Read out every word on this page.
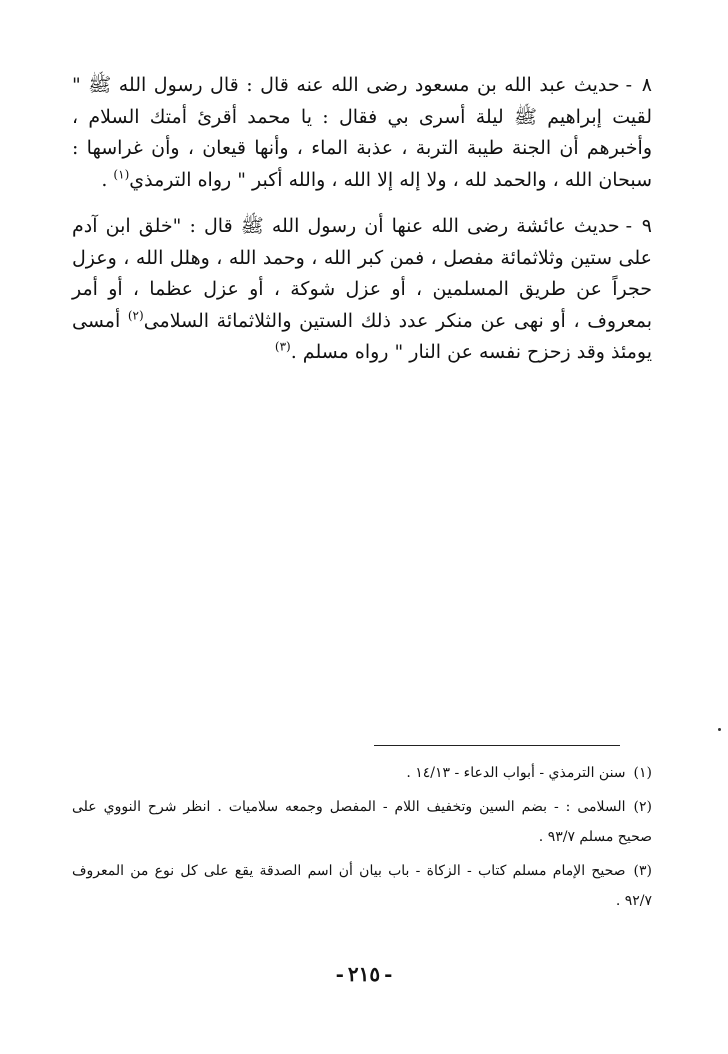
٨-حديث عبد الله بن مسعود رضى الله عنه قال : قال رسول الله ﷺ " لقيت إبراهيم ﷺ ليلة أسرى بي فقال : يا محمد أقرئ أمتك السلام ، وأخبرهم أن الجنة طيبة التربة ، عذبة الماء ، وأنها قيعان ، وأن غراسها : سبحان الله ، والحمد لله ، ولا إله إلا الله ، والله أكبر " رواه الترمذي$^{(١)}$ .

٩-حديث عائشة رضى الله عنها أن رسول الله ﷺ قال : "خلق ابن آدم على ستين وثلاثمائة مفصل ، فمن كبر الله ، وحمد الله ، وهلل الله ، وعزل حجراً عن طريق المسلمين ، أو عزل شوكة ، أو عزل عظما ، أو أمر بمعروف ، أو نهى عن منكر عدد ذلك الستين والثلاثمائة السلامى$^{(٢)}$ أمسى يومئذ وقد زحزح نفسه عن النار " رواه مسلم .$^{(٣)}$

(١)سنن الترمذي - أبواب الدعاء - ١٤/١٣ .

(٢)السلامى : - بضم السين وتخفيف اللام - المفصل وجمعه سلاميات . انظر شرح النووي على صحيح مسلم ٩٣/٧ .

(٣)صحيح الإمام مسلم كتاب - الزكاة - باب بيان أن اسم الصدقة يقع على كل نوع من المعروف ٩٢/٧ .

-٢١٥-
